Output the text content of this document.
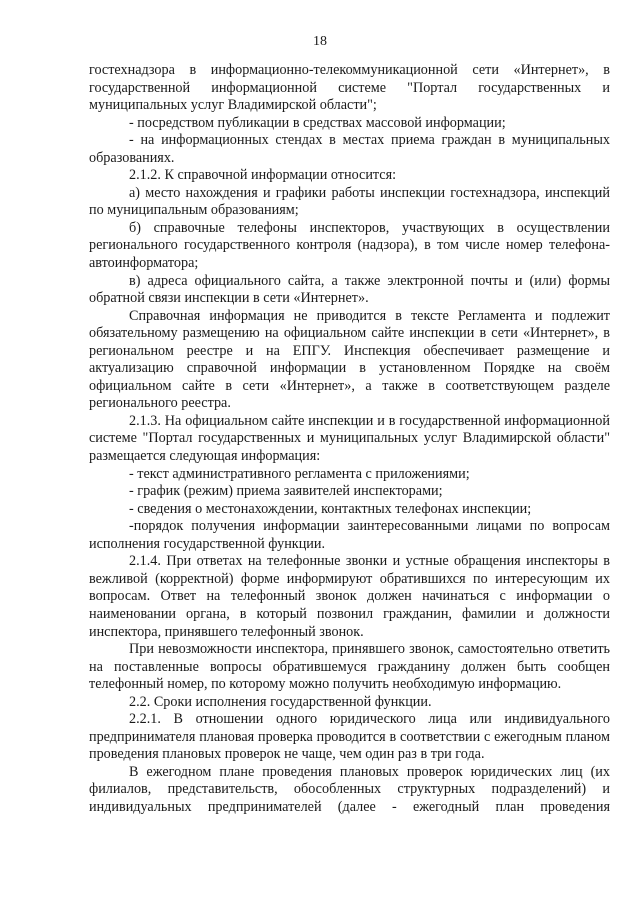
18

гостехнадзора в информационно-телекоммуникационной сети «Интернет», в государственной информационной системе "Портал государственных и муниципальных услуг Владимирской области";

- посредством публикации в средствах массовой информации;

- на информационных стендах в местах приема граждан в муниципальных образованиях.

2.1.2. К справочной информации относится:

а) место нахождения и графики работы инспекции гостехнадзора, инспекций по муниципальным образованиям;

б) справочные телефоны инспекторов, участвующих в осуществлении регионального государственного контроля (надзора), в том числе номер телефона-автоинформатора;

в) адреса официального сайта, а также электронной почты и (или) формы обратной связи инспекции в сети «Интернет».

Справочная информация не приводится в тексте Регламента и подлежит обязательному размещению на официальном сайте инспекции в сети «Интернет», в региональном реестре и на ЕПГУ. Инспекция обеспечивает размещение и актуализацию справочной информации в установленном Порядке на своём официальном сайте в сети «Интернет», а также в соответствующем разделе регионального реестра.

2.1.3. На официальном сайте инспекции и в государственной информационной системе "Портал государственных и муниципальных услуг Владимирской области" размещается следующая информация:

- текст административного регламента с приложениями;

- график (режим) приема заявителей инспекторами;

- сведения о местонахождении, контактных телефонах инспекции;

-порядок получения информации заинтересованными лицами по вопросам исполнения государственной функции.

2.1.4. При ответах на телефонные звонки и устные обращения инспекторы в вежливой (корректной) форме информируют обратившихся по интересующим их вопросам. Ответ на телефонный звонок должен начинаться с информации о наименовании органа, в который позвонил гражданин, фамилии и должности инспектора, принявшего телефонный звонок.

При невозможности инспектора, принявшего звонок, самостоятельно ответить на поставленные вопросы обратившемуся гражданину должен быть сообщен телефонный номер, по которому можно получить необходимую информацию.

2.2. Сроки исполнения государственной функции.

2.2.1. В отношении одного юридического лица или индивидуального предпринимателя плановая проверка проводится в соответствии с ежегодным планом проведения плановых проверок не чаще, чем один раз в три года.

В ежегодном плане проведения плановых проверок юридических лиц (их филиалов, представительств, обособленных структурных подразделений) и индивидуальных предпринимателей (далее - ежегодный план проведения
